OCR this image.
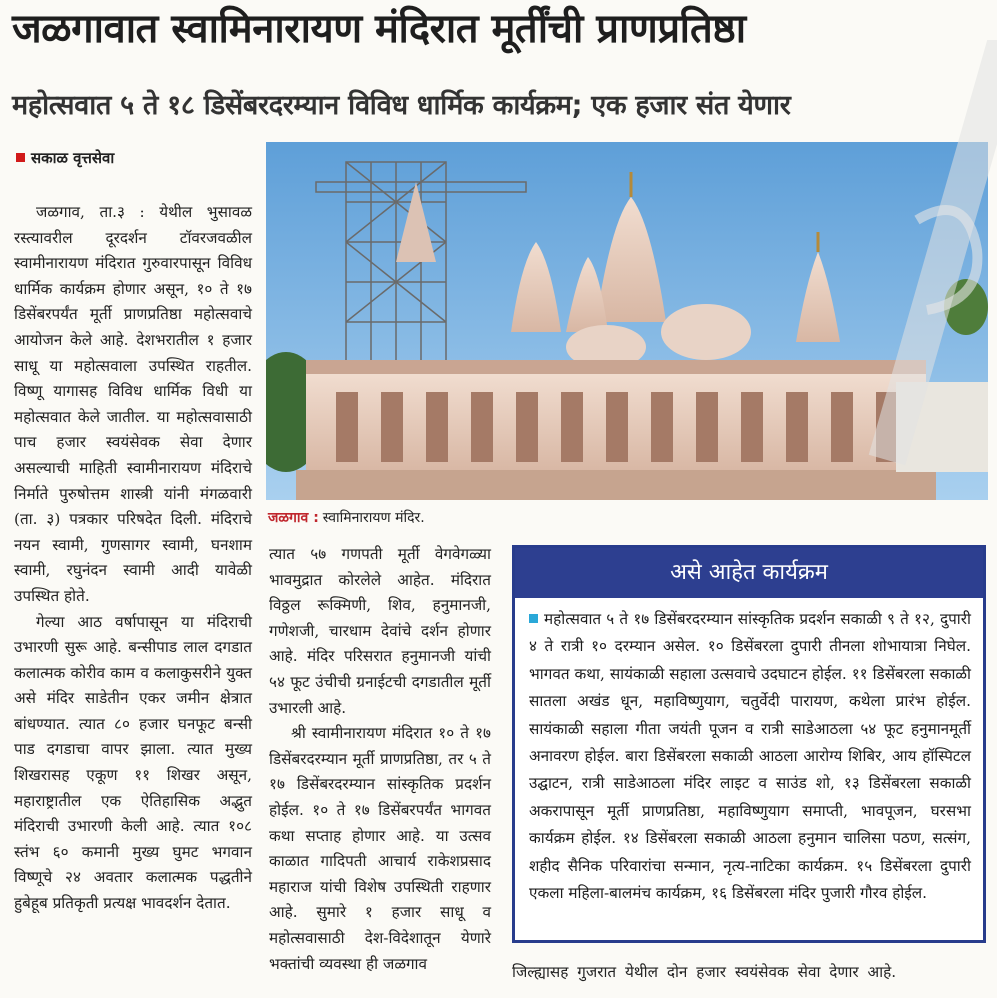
जळगावात स्वामिनारायण मंदिरात मूर्तींची प्राणप्रतिष्ठा
महोत्सवात ५ ते १८ डिसेंबरदरम्यान विविध धार्मिक कार्यक्रम; एक हजार संत येणार
सकाळ वृत्तसेवा

जळगाव, ता.३ : येथील भुसावळ रस्त्यावरील दूरदर्शन टॉवरजवळील स्वामीनारायण मंदिरात गुरुवारपासून विविध धार्मिक कार्यक्रम होणार असून, १० ते १७ डिसेंबरपर्यंत मूर्ती प्राणप्रतिष्ठा महोत्सवाचे आयोजन केले आहे. देशभरातील १ हजार साधू या महोत्सवाला उपस्थित राहतील. विष्णू यागासह विविध धार्मिक विधी या महोत्सवात केले जातील. या महोत्सवासाठी पाच हजार स्वयंसेवक सेवा देणार असल्याची माहिती स्वामीनारायण मंदिराचे निर्माते पुरुषोत्तम शास्त्री यांनी मंगळवारी (ता. ३) पत्रकार परिषदेत दिली. मंदिराचे नयन स्वामी, गुणसागर स्वामी, घनशाम स्वामी, रघुनंदन स्वामी आदी यावेळी उपस्थित होते.

गेल्या आठ वर्षापासून या मंदिराची उभारणी सुरू आहे. बन्सीपाड लाल दगडात कलात्मक कोरीव काम व कलाकुसरीने युक्त असे मंदिर साडेतीन एकर जमीन क्षेत्रात बांधण्यात. त्यात ८० हजार घनफूट बन्सी पाड दगडाचा वापर झाला. त्यात मुख्य शिखरासह एकूण ११ शिखर असून, महाराष्ट्रातील एक ऐतिहासिक अद्भुत मंदिराची उभारणी केली आहे. त्यात १०८ स्तंभ ६० कमानी मुख्य घुमट भगवान विष्णूचे २४ अवतार कलात्मक पद्धतीने हुबेहूब प्रतिकृती प्रत्यक्ष भावदर्शन देतात.

जळगाव : स्वामिनारायण मंदिर.

त्यात ५७ गणपती मूर्ती वेगवेगळ्या भावमुद्रात कोरलेले आहेत. मंदिरात विठ्ठल रूक्मिणी, शिव, हनुमानजी, गणेशजी, चारधाम देवांचे दर्शन होणार आहे. मंदिर परिसरात हनुमानजी यांची ५४ फूट उंचीची ग्रनाईटची दगडातील मूर्ती उभारली आहे.

श्री स्वामीनारायण मंदिरात १० ते १७ डिसेंबरदरम्यान मूर्ती प्राणप्रतिष्ठा, तर ५ ते १७ डिसेंबरदरम्यान सांस्कृतिक प्रदर्शन होईल. १० ते १७ डिसेंबरपर्यंत भागवत कथा सप्ताह होणार आहे. या उत्सव काळात गादिपती आचार्य राकेशप्रसाद महाराज यांची विशेष उपस्थिती राहणार आहे. सुमारे १ हजार साधू व महोत्सवासाठी देश-विदेशातून येणारे भक्तांची व्यवस्था ही जळगाव

असे आहेत कार्यक्रम
महोत्सवात ५ ते १७ डिसेंबरदरम्यान सांस्कृतिक प्रदर्शन सकाळी ९ ते १२, दुपारी ४ ते रात्री १० दरम्यान असेल. १० डिसेंबरला दुपारी तीनला शोभायात्रा निघेल. भागवत कथा, सायंकाळी सहाला उत्सवाचे उदघाटन होईल. ११ डिसेंबरला सकाळी सातला अखंड धून, महाविष्णुयाग, चतुर्वेदी पारायण, कथेला प्रारंभ होईल. सायंकाळी सहाला गीता जयंती पूजन व रात्री साडेआठला ५४ फूट हनुमानमूर्ती अनावरण होईल. बारा डिसेंबरला सकाळी आठला आरोग्य शिबिर, आय हॉस्पिटल उद्घाटन, रात्री साडेआठला मंदिर लाइट व साउंड शो, १३ डिसेंबरला सकाळी अकरापासून मूर्ती प्राणप्रतिष्ठा, महाविष्णुयाग समाप्ती, भावपूजन, घरसभा कार्यक्रम होईल. १४ डिसेंबरला सकाळी आठला हनुमान चालिसा पठण, सत्संग, शहीद सैनिक परिवारांचा सन्मान, नृत्य-नाटिका कार्यक्रम. १५ डिसेंबरला दुपारी एकला महिला-बालमंच कार्यक्रम, १६ डिसेंबरला मंदिर पुजारी गौरव होईल.
जिल्ह्यासह गुजरात येथील दोन हजार स्वयंसेवक सेवा देणार आहे.
